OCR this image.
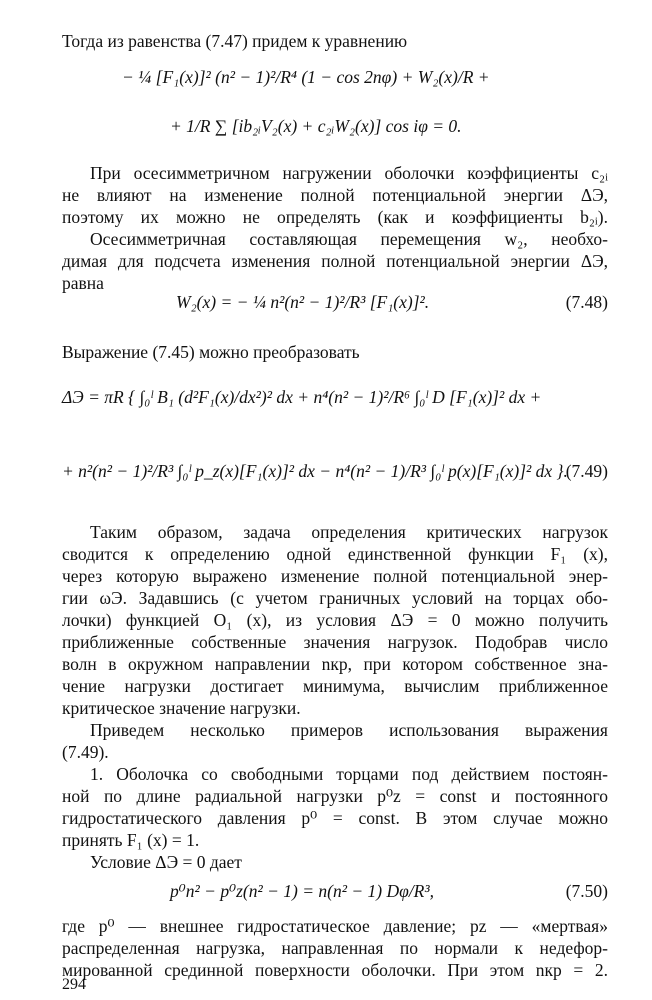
Тогда из равенства (7.47) придем к уравнению
− ¼ [F₁(x)]² (n² − 1)²/R⁴ (1 − cos 2nφ) + W₂(x)/R +
+ 1/R ∑ [ib₂ᵢV₂(x) + c₂ᵢW₂(x)] cos iφ = 0.
При осесимметричном нагружении оболочки коэффициенты c₂ᵢ
не влияют на изменение полной потенциальной энергии ΔЭ,
поэтому их можно не определять (как и коэффициенты b₂ᵢ).
Осесимметричная составляющая перемещения w₂, необхо-
димая для подсчета изменения полной потенциальной энергии ΔЭ,
равна
W₂(x) = − ¼ n²(n² − 1)²/R³ [F₁(x)]².	(7.48)
Выражение (7.45) можно преобразовать
ΔЭ = πR { ∫₀ˡ B₁ (d²F₁(x)/dx²)² dx + n⁴(n² − 1)²/R⁶ ∫₀ˡ D [F₁(x)]² dx +
+ n²(n² − 1)²/R³ ∫₀ˡ p_z(x)[F₁(x)]² dx − n⁴(n² − 1)/R³ ∫₀ˡ p(x)[F₁(x)]² dx }.
(7.49)
Таким образом, задача определения критических нагрузок
сводится к определению одной единственной функции F₁ (x),
через которую выражено изменение полной потенциальной энер-
гии ωЭ. Задавшись (с учетом граничных условий на торцах обо-
лочки) функцией O₁ (x), из условия ΔЭ = 0 можно получить
приближенные собственные значения нагрузок. Подобрав число
волн в окружном направлении nкр, при котором собственное зна-
чение нагрузки достигает минимума, вычислим приближенное
критическое значение нагрузки.
Приведем несколько примеров использования выражения
(7.49).
1. Оболочка со свободными торцами под действием постоян-
ной по длине радиальной нагрузки p⁰z = const и постоянного
гидростатического давления p⁰ = const. В этом случае можно
принять F₁ (x) = 1.
Условие ΔЭ = 0 дает
p⁰n² − p⁰z(n² − 1) = n(n² − 1) Dφ/R³,	(7.50)
где p⁰ — внешнее гидростатическое давление; pz — «мертвая»
распределенная нагрузка, направленная по нормали к недефор-
мированной срединной поверхности оболочки. При этом nкр = 2.
294
